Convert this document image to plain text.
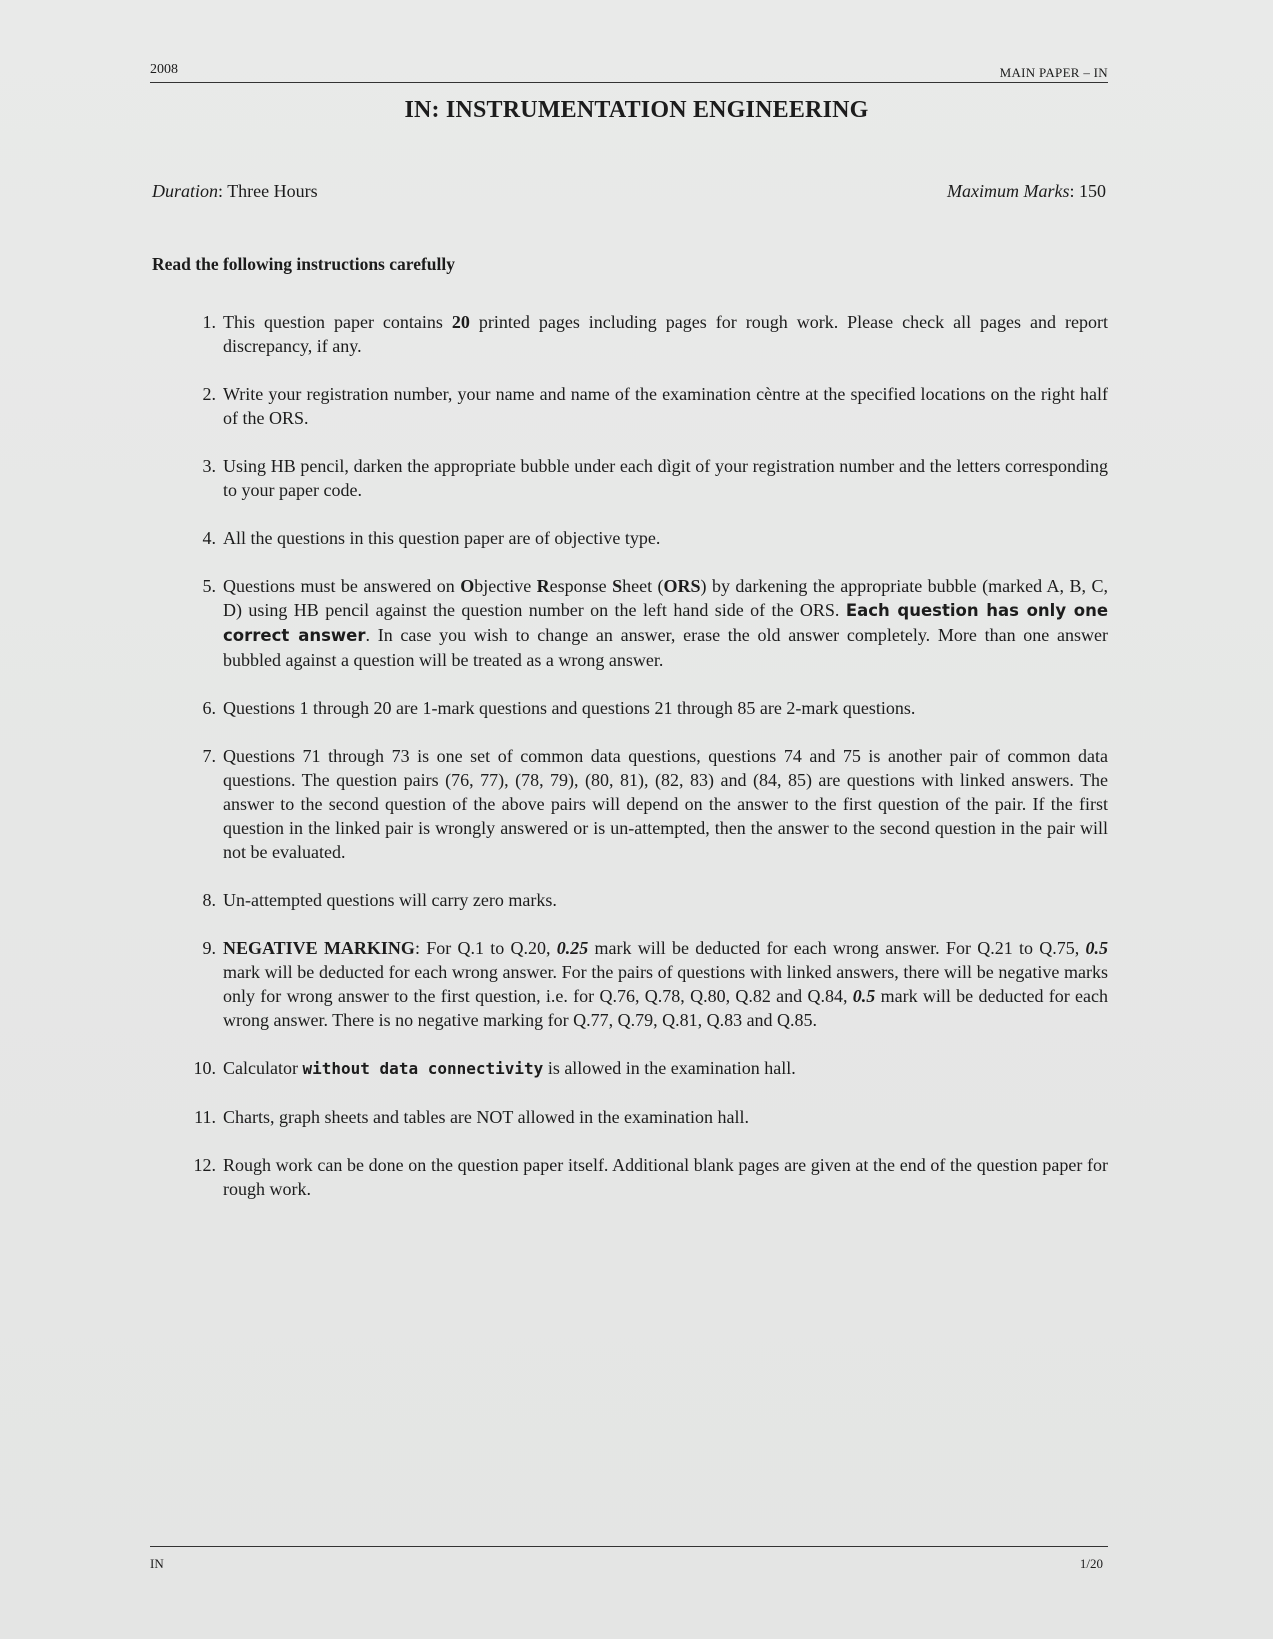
2008	MAIN PAPER – IN
IN: INSTRUMENTATION ENGINEERING
Duration: Three Hours	Maximum Marks: 150
Read the following instructions carefully
1. This question paper contains 20 printed pages including pages for rough work. Please check all pages and report discrepancy, if any.
2. Write your registration number, your name and name of the examination cèntre at the specified locations on the right half of the ORS.
3. Using HB pencil, darken the appropriate bubble under each dìgit of your registration number and the letters corresponding to your paper code.
4. All the questions in this question paper are of objective type.
5. Questions must be answered on Objective Response Sheet (ORS) by darkening the appropriate bubble (marked A, B, C, D) using HB pencil against the question number on the left hand side of the ORS. Each question has only one correct answer. In case you wish to change an answer, erase the old answer completely. More than one answer bubbled against a question will be treated as a wrong answer.
6. Questions 1 through 20 are 1-mark questions and questions 21 through 85 are 2-mark questions.
7. Questions 71 through 73 is one set of common data questions, questions 74 and 75 is another pair of common data questions. The question pairs (76, 77), (78, 79), (80, 81), (82, 83) and (84, 85) are questions with linked answers. The answer to the second question of the above pairs will depend on the answer to the first question of the pair. If the first question in the linked pair is wrongly answered or is un-attempted, then the answer to the second question in the pair will not be evaluated.
8. Un-attempted questions will carry zero marks.
9. NEGATIVE MARKING: For Q.1 to Q.20, 0.25 mark will be deducted for each wrong answer. For Q.21 to Q.75, 0.5 mark will be deducted for each wrong answer. For the pairs of questions with linked answers, there will be negative marks only for wrong answer to the first question, i.e. for Q.76, Q.78, Q.80, Q.82 and Q.84, 0.5 mark will be deducted for each wrong answer. There is no negative marking for Q.77, Q.79, Q.81, Q.83 and Q.85.
10. Calculator without data connectivity is allowed in the examination hall.
11. Charts, graph sheets and tables are NOT allowed in the examination hall.
12. Rough work can be done on the question paper itself. Additional blank pages are given at the end of the question paper for rough work.
IN	1/20
